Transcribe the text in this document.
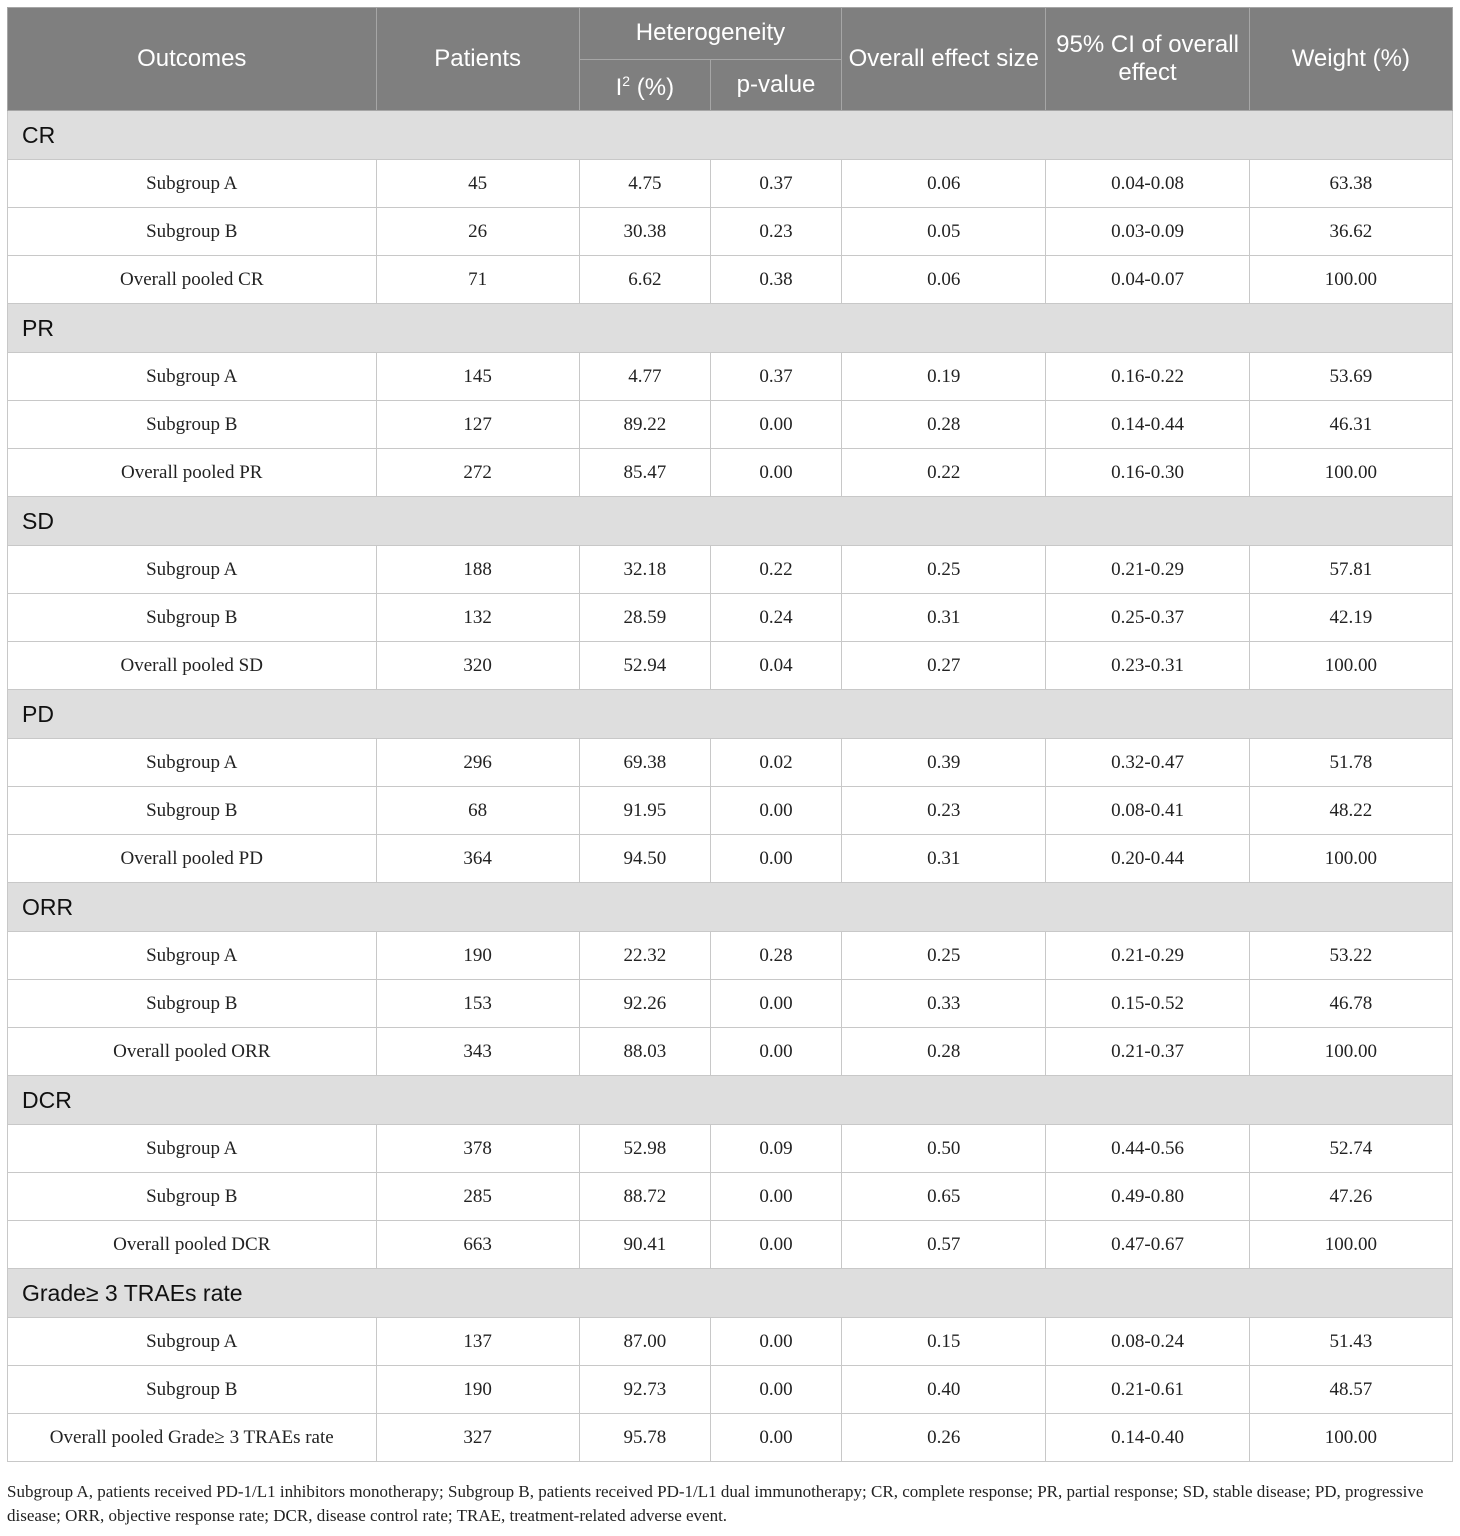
Outcomes	Patients	Heterogeneity		Overall effect size	95% CI of overall effect	Weight (%)
		$I^2$ (%)	p-value			
CR						
Subgroup A	45	4.75	0.37	0.06	0.04-0.08	63.38
Subgroup B	26	30.38	0.23	0.05	0.03-0.09	36.62
Overall pooled CR	71	6.62	0.38	0.06	0.04-0.07	100.00
PR						
Subgroup A	145	4.77	0.37	0.19	0.16-0.22	53.69
Subgroup B	127	89.22	0.00	0.28	0.14-0.44	46.31
Overall pooled PR	272	85.47	0.00	0.22	0.16-0.30	100.00
SD						
Subgroup A	188	32.18	0.22	0.25	0.21-0.29	57.81
Subgroup B	132	28.59	0.24	0.31	0.25-0.37	42.19
Overall pooled SD	320	52.94	0.04	0.27	0.23-0.31	100.00
PD						
Subgroup A	296	69.38	0.02	0.39	0.32-0.47	51.78
Subgroup B	68	91.95	0.00	0.23	0.08-0.41	48.22
Overall pooled PD	364	94.50	0.00	0.31	0.20-0.44	100.00
ORR						
Subgroup A	190	22.32	0.28	0.25	0.21-0.29	53.22
Subgroup B	153	92.26	0.00	0.33	0.15-0.52	46.78
Overall pooled ORR	343	88.03	0.00	0.28	0.21-0.37	100.00
DCR						
Subgroup A	378	52.98	0.09	0.50	0.44-0.56	52.74
Subgroup B	285	88.72	0.00	0.65	0.49-0.80	47.26
Overall pooled DCR	663	90.41	0.00	0.57	0.47-0.67	100.00
Grade≥ 3 TRAEs rate						
Subgroup A	137	87.00	0.00	0.15	0.08-0.24	51.43
Subgroup B	190	92.73	0.00	0.40	0.21-0.61	48.57
Overall pooled Grade≥ 3 TRAEs rate	327	95.78	0.00	0.26	0.14-0.40	100.00
Subgroup A, patients received PD-1/L1 inhibitors monotherapy; Subgroup B, patients received PD-1/L1 dual immunotherapy; CR, complete response; PR, partial response; SD, stable disease; PD, progressive disease; ORR, objective response rate; DCR, disease control rate; TRAE, treatment-related adverse event.
